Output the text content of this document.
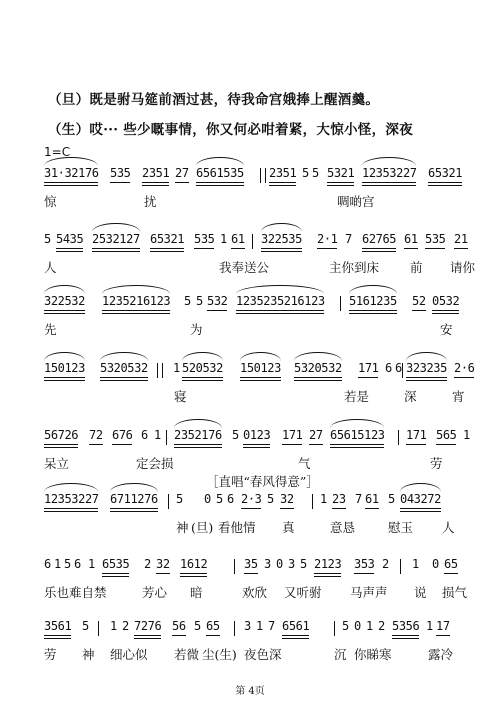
（旦）既是驸马筵前酒过甚，待我命宫娥捧上醒酒羹。
（生）哎··· 些少嘅事情，你又何必咁着紧，大惊小怪，深夜
1=C
31·32176 535 2351 27 6561535 2351 5 5 5321 12353227 65321
惊	扰	啁啲宫
5 5435 2532127 65321 535 1 61 322535 2·1 7 62765 61 535 21
人	我奉送公	主你到床 前 请你
322532 1235216123 5 5 532 1235235216123 5161235 52 0532
先	为	安
150123 5320532 1 520532 150123 5320532 171 6 6 323235 2·6
寝	若是	深	宵
56726 72 676 6 1 2352176 5 0123 171 27 65615123 171 565 1
呆立	定会损	气	劳
12353227 6711276 5 0 5 6 2·3 5 32 1 23 7 61 5 043272
神 (旦) 看他情 真	意恳	慰玉 人
6 1 5 6 1 6535 2 32 1612	35 3 0 3 5 2123 353 2 1 0 65
乐也难自禁	芳心 暗	欢欣 又听驸 马声声 说 损气
3561 5 1 2 7276 56 5 65 3 1 7 6561	5 0 1 2 5356 1 17
劳 神 细心似 若微 尘(生) 夜色深	沉 你睇寒	露冷
［直唱“春风得意”］
第 4页
